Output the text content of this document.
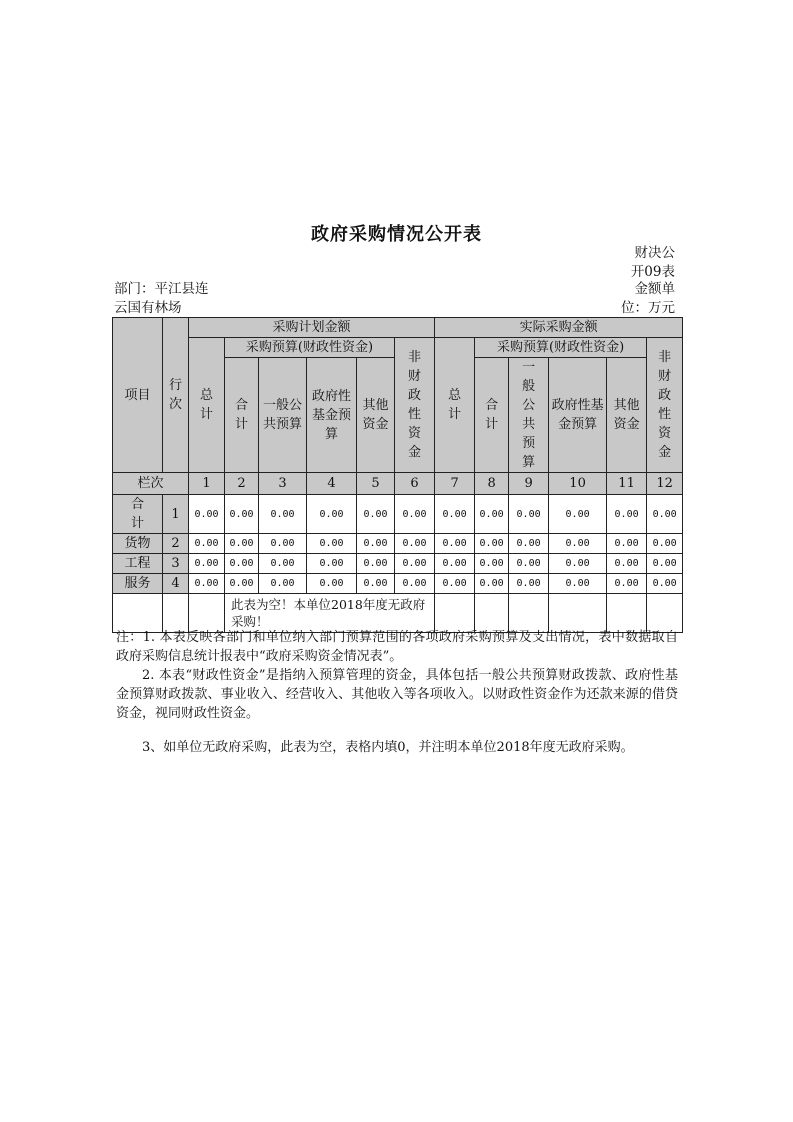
政府采购情况公开表
财决公
开09表
部门：平江县连
云国有林场
金额单
位：万元
项目	行次	采购计划金额						实际采购金额					
		总计	采购预算(财政性资金)				非财政性资金	总计	采购预算(财政性资金)				非财政性资金
			合计	一般公共预算	政府性基金预算	其他资金			合计	一般公共预算	政府性基金预算	其他资金	
栏次		1	2	3	4	5	6	7	8	9	10	11	12
合计	1	0.00	0.00	0.00	0.00	0.00	0.00	0.00	0.00	0.00	0.00	0.00	0.00
货物	2	0.00	0.00	0.00	0.00	0.00	0.00	0.00	0.00	0.00	0.00	0.00	0.00
工程	3	0.00	0.00	0.00	0.00	0.00	0.00	0.00	0.00	0.00	0.00	0.00	0.00
服务	4	0.00	0.00	0.00	0.00	0.00	0.00	0.00	0.00	0.00	0.00	0.00	0.00
			此表为空！本单位2018年度无政府采购！										

注：1. 本表反映各部门和单位纳入部门预算范围的各项政府采购预算及支出情况，表中数据取自政府采购信息统计报表中“政府采购资金情况表”。

2. 本表“财政性资金”是指纳入预算管理的资金，具体包括一般公共预算财政拨款、政府性基金预算财政拨款、事业收入、经营收入、其他收入等各项收入。以财政性资金作为还款来源的借贷资金，视同财政性资金。

3、如单位无政府采购，此表为空，表格内填0，并注明本单位2018年度无政府采购。
